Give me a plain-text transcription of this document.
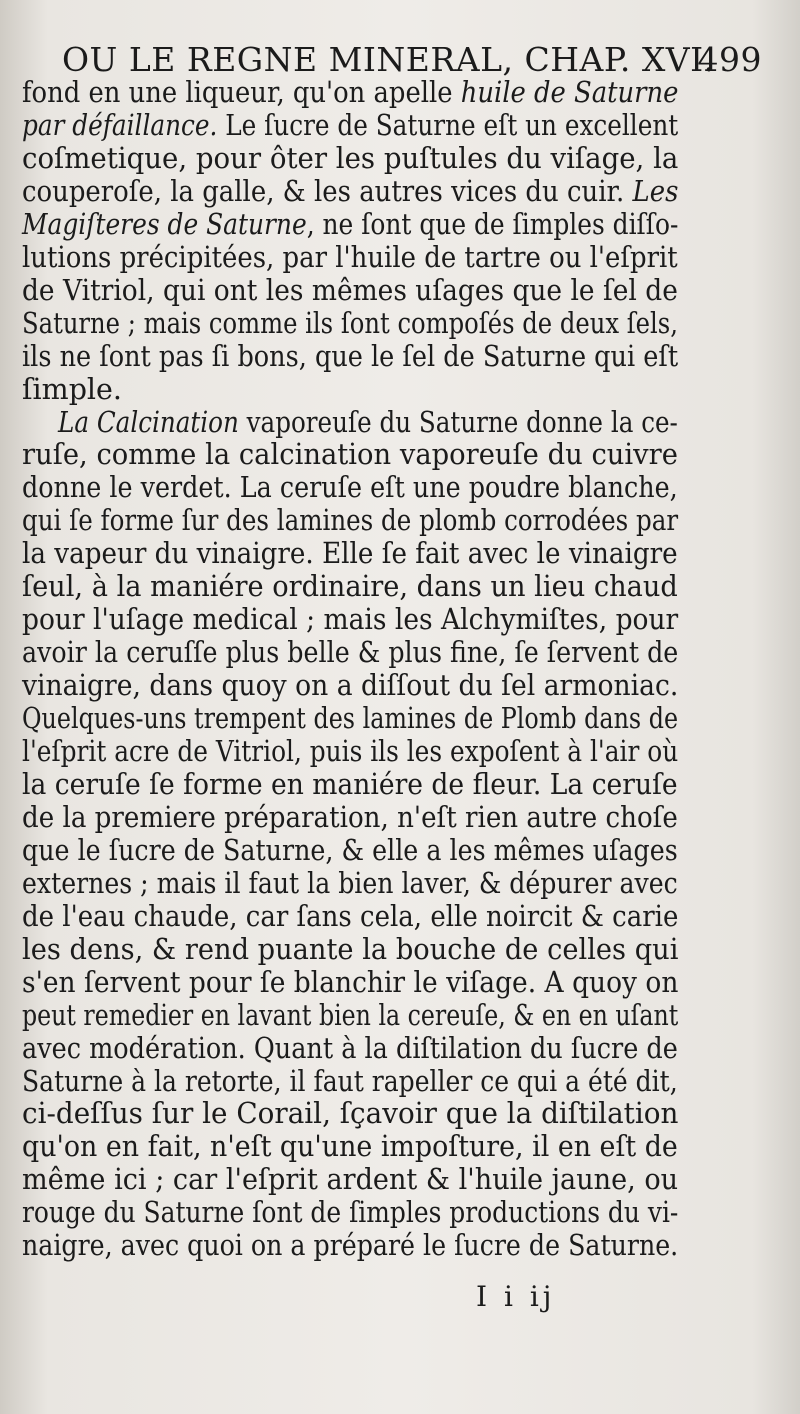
OU LE REGNE MINERAL, CHAP. XVI.
499
fond en une liqueur, qu'on apelle huile de Saturne
par défaillance. Le ſucre de Saturne eſt un excellent
coſmetique, pour ôter les puſtules du viſage, la
couperoſe, la galle, & les autres vices du cuir. Les
Magiſteres de Saturne, ne ſont que de ſimples diſſo-
lutions précipitées, par l'huile de tartre ou l'eſprit
de Vitriol, qui ont les mêmes uſages que le ſel de
Saturne ; mais comme ils ſont compoſés de deux ſels,
ils ne ſont pas ſi bons, que le ſel de Saturne qui eſt
ſimple.
La Calcination vaporeuſe du Saturne donne la ce-
ruſe, comme la calcination vaporeuſe du cuivre
donne le verdet. La ceruſe eſt une poudre blanche,
qui ſe forme ſur des lamines de plomb corrodées par
la vapeur du vinaigre. Elle ſe fait avec le vinaigre
ſeul, à la maniére ordinaire, dans un lieu chaud
pour l'uſage medical ; mais les Alchymiſtes, pour
avoir la ceruſſe plus belle & plus fine, ſe ſervent de
vinaigre, dans quoy on a diſſout du ſel armoniac.
Quelques-uns trempent des lamines de Plomb dans de
l'eſprit acre de Vitriol, puis ils les expoſent à l'air où
la ceruſe ſe forme en maniére de fleur. La ceruſe
de la premiere préparation, n'eſt rien autre choſe
que le ſucre de Saturne, & elle a les mêmes uſages
externes ; mais il faut la bien laver, & dépurer avec
de l'eau chaude, car ſans cela, elle noircit & carie
les dens, & rend puante la bouche de celles qui
s'en ſervent pour ſe blanchir le viſage. A quoy on
peut remedier en lavant bien la cereuſe, & en en uſant
avec modération. Quant à la diſtilation du ſucre de
Saturne à la retorte, il faut rapeller ce qui a été dit,
ci-deſſus ſur le Corail, ſçavoir que la diſtilation
qu'on en fait, n'eſt qu'une impoſture, il en eſt de
même ici ; car l'eſprit ardent & l'huile jaune, ou
rouge du Saturne ſont de ſimples productions du vi-
naigre, avec quoi on a préparé le ſucre de Saturne.
I i ij
